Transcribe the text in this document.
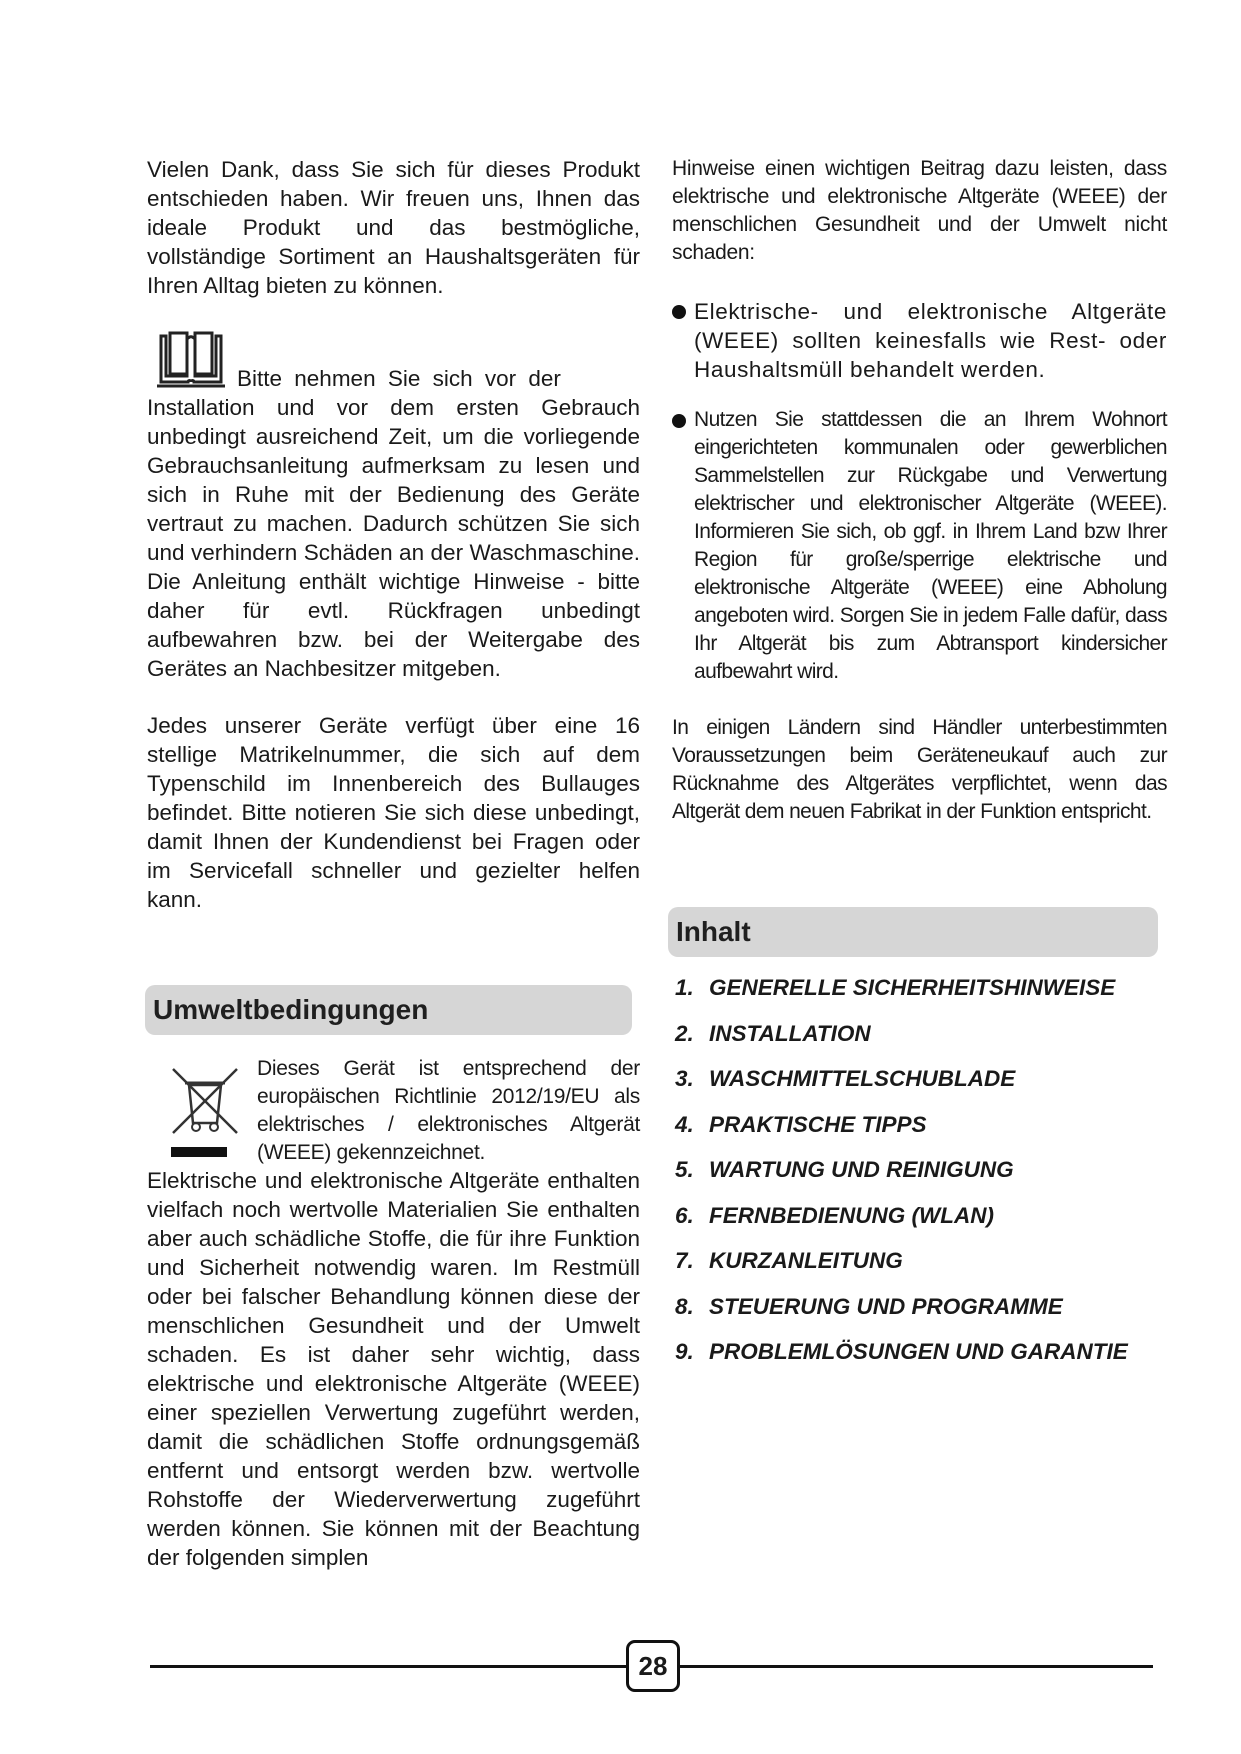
Vielen Dank, dass Sie sich für dieses Produkt entschieden haben. Wir freuen uns, Ihnen das ideale Produkt und das bestmögliche, vollständige Sortiment an Haushaltsgeräten für Ihren Alltag bieten zu können.

Bitte nehmen Sie sich vor der

Installation und vor dem ersten Gebrauch unbedingt ausreichend Zeit, um die vorliegende Gebrauchsanleitung aufmerksam zu lesen und sich in Ruhe mit der Bedienung des Geräte vertraut zu machen. Dadurch schützen Sie sich und verhindern Schäden an der Waschmaschine. Die Anleitung enthält wichtige Hinweise - bitte daher für evtl. Rückfragen unbedingt aufbewahren bzw. bei der Weitergabe des Gerätes an Nachbesitzer mitgeben.

Jedes unserer Geräte verfügt über eine 16 stellige Matrikelnummer, die sich auf dem Typenschild im Innenbereich des Bullauges befindet. Bitte notieren Sie sich diese unbedingt, damit Ihnen der Kundendienst bei Fragen oder im Servicefall schneller und gezielter helfen kann.

Umweltbedingungen

Dieses Gerät ist entsprechend der europäischen Richtlinie 2012/19/EU als elektrisches / elektronisches Altgerät (WEEE) gekennzeichnet.

Elektrische und elektronische Altgeräte enthalten vielfach noch wertvolle Materialien Sie enthalten aber auch schädliche Stoffe, die für ihre Funktion und Sicherheit notwendig waren. Im Restmüll oder bei falscher Behandlung können diese der menschlichen Gesundheit und der Umwelt schaden. Es ist daher sehr wichtig, dass elektrische und elektronische Altgeräte (WEEE) einer speziellen Verwertung zugeführt werden, damit die schädlichen Stoffe ordnungsgemäß entfernt und entsorgt werden bzw. wertvolle Rohstoffe der Wiederverwertung zugeführt werden können. Sie können mit der Beachtung der folgenden simplen

Hinweise einen wichtigen Beitrag dazu leisten, dass elektrische und elektronische Altgeräte (WEEE) der menschlichen Gesundheit und der Umwelt nicht schaden:

Elektrische- und elektronische Altgeräte (WEEE) sollten keinesfalls wie Rest- oder Haushaltsmüll behandelt werden.

Nutzen Sie stattdessen die an Ihrem Wohnort eingerichteten kommunalen oder gewerblichen Sammelstellen zur Rückgabe und Verwertung elektrischer und elektronischer Altgeräte (WEEE). Informieren Sie sich, ob ggf. in Ihrem Land bzw Ihrer Region für große/sperrige elektrische und elektronische Altgeräte (WEEE) eine Abholung angeboten wird. Sorgen Sie in jedem Falle dafür, dass Ihr Altgerät bis zum Abtransport kindersicher aufbewahrt wird.

In einigen Ländern sind Händler unterbestimmten Voraussetzungen beim Geräteneukauf auch zur Rücknahme des Altgerätes verpflichtet, wenn das Altgerät dem neuen Fabrikat in der Funktion entspricht.

Inhalt
1. GENERELLE SICHERHEITSHINWEISE
2. INSTALLATION
3. WASCHMITTELSCHUBLADE
4. PRAKTISCHE TIPPS
5. WARTUNG UND REINIGUNG
6. FERNBEDIENUNG (WLAN)
7. KURZANLEITUNG
8. STEUERUNG UND PROGRAMME
9. PROBLEMLÖSUNGEN UND GARANTIE
28
